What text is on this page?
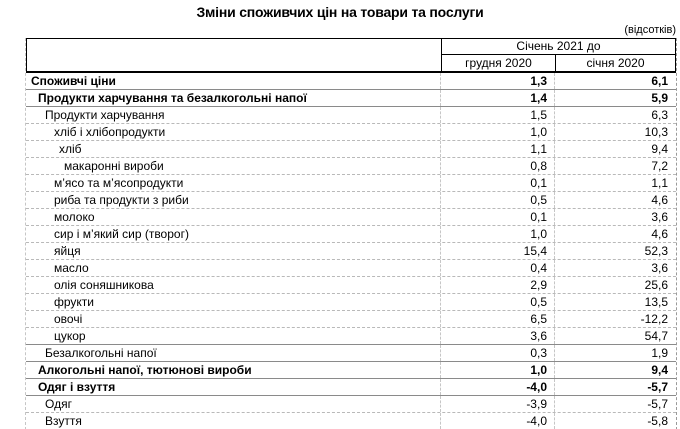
Зміни споживчих цін на товари та послуги
(відсотків)
Січень 2021 до
грудня 2020	січня 2020
Споживчі ціни	1,3	6,1
Продукти харчування та безалкогольні напої	1,4	5,9
Продукти харчування	1,5	6,3
хліб і хлібопродукти	1,0	10,3
хліб	1,1	9,4
макаронні вироби	0,8	7,2
м’ясо та м’ясопродукти	0,1	1,1
риба та продукти з риби	0,5	4,6
молоко	0,1	3,6
сир і м’який сир (творог)	1,0	4,6
яйця	15,4	52,3
масло	0,4	3,6
олія соняшникова	2,9	25,6
фрукти	0,5	13,5
овочі	6,5	-12,2
цукор	3,6	54,7
Безалкогольні напої	0,3	1,9
Алкогольні напої, тютюнові вироби	1,0	9,4
Одяг і взуття	-4,0	-5,7
Одяг	-3,9	-5,7
Взуття	-4,0	-5,8
